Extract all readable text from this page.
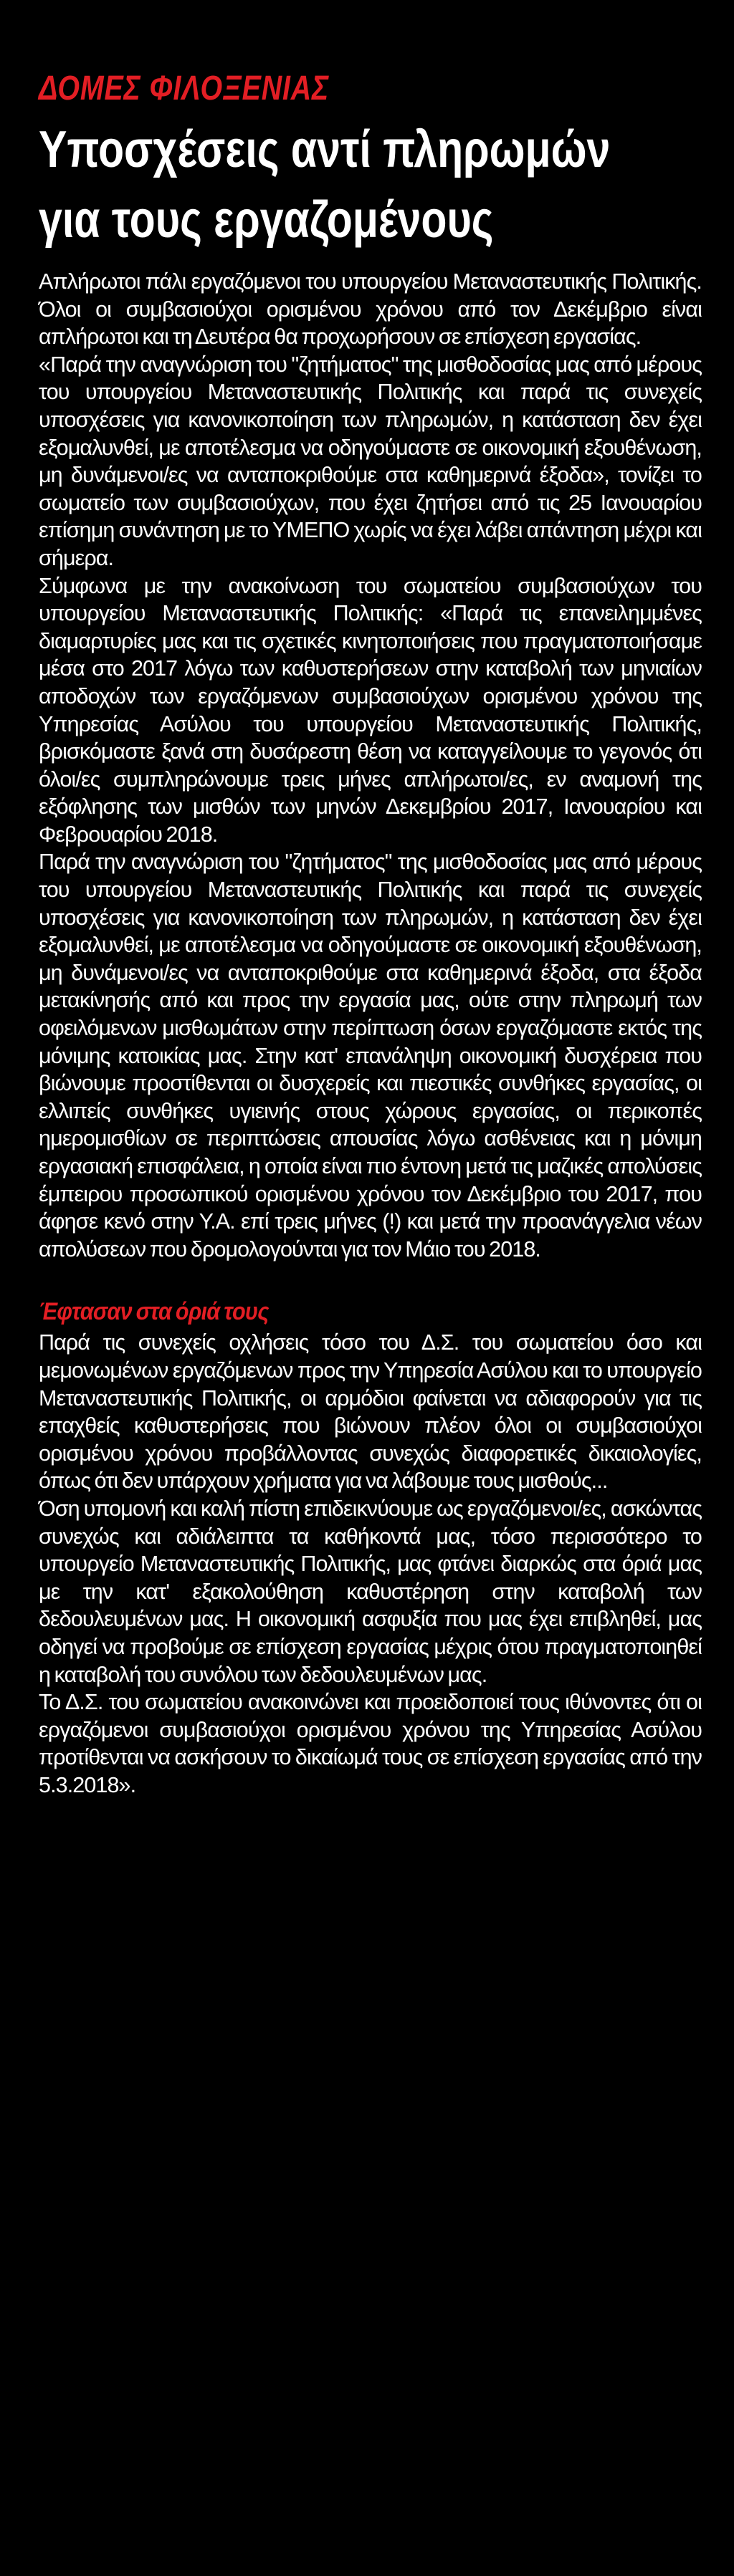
ΔΟΜΕΣ ΦΙΛΟΞΕΝΙΑΣ
Υποσχέσεις αντί πληρωμών
για τους εργαζομένους

Απλήρωτοι πάλι εργαζόμενοι του υπουργείου Μεταναστευτικής Πολιτικής. Όλοι οι συμβασιούχοι ορισμένου χρόνου από τον Δεκέμβριο είναι απλήρωτοι και τη Δευτέρα θα προχωρήσουν σε επίσχεση εργασίας.

«Παρά την αναγνώριση του "ζητήματος" της μισθοδοσίας μας από μέρους του υπουργείου Μεταναστευτικής Πολιτικής και παρά τις συνεχείς υποσχέσεις για κανονικοποίηση των πληρωμών, η κατάσταση δεν έχει εξομαλυνθεί, με αποτέλεσμα να οδηγούμαστε σε οικονομική εξουθένωση, μη δυνάμενοι/ες να ανταποκριθούμε στα καθημερινά έξοδα», τονίζει το σωματείο των συμβασιούχων, που έχει ζητήσει από τις 25 Ιανουαρίου επίσημη συνάντηση με το ΥΜΕΠΟ χωρίς να έχει λάβει απάντηση μέχρι και σήμερα.

Σύμφωνα με την ανακοίνωση του σωματείου συμβασιούχων του υπουργείου Μεταναστευτικής Πολιτικής: «Παρά τις επανειλημμένες διαμαρτυρίες μας και τις σχετικές κινητοποιήσεις που πραγματοποιήσαμε μέσα στο 2017 λόγω των καθυστερήσεων στην καταβολή των μηνιαίων αποδοχών των εργαζόμενων συμβασιούχων ορισμένου χρόνου της Υπηρεσίας Ασύλου του υπουργείου Μεταναστευτικής Πολιτικής, βρισκόμαστε ξανά στη δυσάρεστη θέση να καταγγείλουμε το γεγονός ότι όλοι/ες συμπληρώνουμε τρεις μήνες απλήρωτοι/ες, εν αναμονή της εξόφλησης των μισθών των μηνών Δεκεμβρίου 2017, Ιανουαρίου και Φεβρουαρίου 2018.

Παρά την αναγνώριση του "ζητήματος" της μισθοδοσίας μας από μέρους του υπουργείου Μεταναστευτικής Πολιτικής και παρά τις συνεχείς υποσχέσεις για κανονικοποίηση των πληρωμών, η κατάσταση δεν έχει εξομαλυνθεί, με αποτέλεσμα να οδηγούμαστε σε οικονομική εξουθένωση, μη δυνάμενοι/ες να ανταποκριθούμε στα καθημερινά έξοδα, στα έξοδα μετακίνησής από και προς την εργασία μας, ούτε στην πληρωμή των οφειλόμενων μισθωμάτων στην περίπτωση όσων εργαζόμαστε εκτός της μόνιμης κατοικίας μας. Στην κατ' επανάληψη οικονομική δυσχέρεια που βιώνουμε προστίθενται οι δυσχερείς και πιεστικές συνθήκες εργασίας, οι ελλιπείς συνθήκες υγιεινής στους χώρους εργασίας, οι περικοπές ημερομισθίων σε περιπτώσεις απουσίας λόγω ασθένειας και η μόνιμη εργασιακή επισφάλεια, η οποία είναι πιο έντονη μετά τις μαζικές απολύσεις έμπειρου προσωπικού ορισμένου χρόνου τον Δεκέμβριο του 2017, που άφησε κενό στην Υ.Α. επί τρεις μήνες (!) και μετά την προανάγγελια νέων απολύσεων που δρομολογούνται για τον Μάιο του 2018.

Έφτασαν στα όριά τους

Παρά τις συνεχείς οχλήσεις τόσο του Δ.Σ. του σωματείου όσο και μεμονωμένων εργαζόμενων προς την Υπηρεσία Ασύλου και το υπουργείο Μεταναστευτικής Πολιτικής, οι αρμόδιοι φαίνεται να αδιαφορούν για τις επαχθείς καθυστερήσεις που βιώνουν πλέον όλοι οι συμβασιούχοι ορισμένου χρόνου προβάλλοντας συνεχώς διαφορετικές δικαιολογίες, όπως ότι δεν υπάρχουν χρήματα για να λάβουμε τους μισθούς...

Όση υπομονή και καλή πίστη επιδεικνύουμε ως εργαζόμενοι/ες, ασκώντας συνεχώς και αδιάλειπτα τα καθήκοντά μας, τόσο περισσότερο το υπουργείο Μεταναστευτικής Πολιτικής, μας φτάνει διαρκώς στα όριά μας με την κατ' εξακολούθηση καθυστέρηση στην καταβολή των δεδουλευμένων μας. Η οικονομική ασφυξία που μας έχει επιβληθεί, μας οδηγεί να προβούμε σε επίσχεση εργασίας μέχρις ότου πραγματοποιηθεί η καταβολή του συνόλου των δεδουλευμένων μας.

Το Δ.Σ. του σωματείου ανακοινώνει και προειδοποιεί τους ιθύνοντες ότι οι εργαζόμενοι συμβασιούχοι ορισμένου χρόνου της Υπηρεσίας Ασύλου προτίθενται να ασκήσουν το δικαίωμά τους σε επίσχεση εργασίας από την 5.3.2018».
